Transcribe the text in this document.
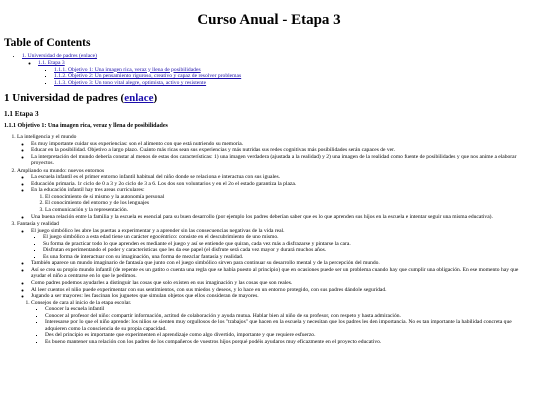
Curso Anual - Etapa 3
Table of Contents
• 1. Universidad de padres (enlace)
◦ 1.1. Etapa 3
▪ 1.1.1. Objetivo 1: Una imagen rica, veraz y llena de posibilidades
▪ 1.1.2. Objetivo 2: Un pensamiento riguroso, creativo y capaz de resolver problemas
▪ 1.1.3. Objetivo 3: Un tono vital alegre, optimista, activo y resistente
1 Universidad de padres (enlace)
1.1 Etapa 3
1.1.1 Objetivo 1: Una imagen rica, veraz y llena de posibilidades
1. La inteligencia y el mundo
◦ Es muy importante cuidar sus experiencias: son el alimento con que está nutriendo su memoria.
◦ Educar en la posibilidad. Objetivo a largo plazo. Cuánto más ricas sean sus experiencias y más nutridas sus redes cognitivas más posibilidades serán capaces de ver.
◦ La interpretación del mundo debería constar al menos de estas dos características: 1) una imagen verdadera (ajustada a la realidad) y 2) una imagen de la realidad como fuente de posibilidades y que nos anime a elaborar proyectos.
2. Ampliando su mundo: nuevos entornos
◦ La escuela infantil es el primer entorno infantil habitual del niño donde se relaciona e interactua con sus iguales.
◦ Educación primaria. 1r ciclo de 0 a 3 y 2o ciclo de 3 a 6. Los dos son voluntarios y en el 2o el estado garantiza la plaza.
◦ En la educación infantil hay tres areas curriculares:
1. El conocimiento de sí mismo y la autonomía personal
2. El conocimiento del entorno y de los lenguajes
3. La comunicación y la representación.
◦ Una buena relación entre la familia y la escuela es esencial para su buen desarrollo (por ejemplo los padres deberían saber que es lo que aprenden sus hijos en la escuela e intentar seguir una misma educativa).
3. Fantasía y realidad
◦ El juego simbólico les abre las puertas a experimentar y a aprender sin las consecuencias negativas de la vida real.
▪ El juego simbólico a esta edad tiene un carácter egocéntrico: consiste en el descubrimiento de uno mismo.
▪ Su forma de practicar todo lo que aprenden es mediante el juego y así se entiende que quiran, cada vez más a disfrazarse y pintarse la cara.
▪ Disfrutan experimentando el poder y caracteristicas que les da ese papel (el disfrute será cada vez mayor y durará muchos años.
▪ Es una forma de interactuar con su imaginación, una forma de mezclar fantasía y realidad.
◦ También aparece un mundo imaginario de fantasía que junto con el juego simbólico sirven para continuar su desarrollo mental y de la percepción del mundo.
◦ Así se crea su propio mundo infantil (de repente es un gatito o cuenta una regla que se había puesto al principio) que en ocasiones puede ser un problema cuando hay que cumplir una obligación. En ese momento hay que ayudar el niño a centrarse en lo que le pedimos.
◦ Como padres podemos ayudarles a distinguir las cosas que solo existen en sus imaginación y las cosas que son reales.
◦ Al leer cuentos el niño puede experimentar con sus sentimientos, con sus miedos y deseos, y lo hace en un entorno protegido, con sus padres dándole seguridad.
◦ Jugando a ser mayores: les fascinan los juguetes que simulan objetos que ellos consideran de mayores.
1. Consejos de cara al inicio de la etapa escolar.
▪ Conocer la escuela infantil
▪ Conocer al profesor del niño: compartir información, actitud de colaboración y ayuda mutua. Hablar bien al niño de su profesor, con respeto y hasta admiración.
▪ Interesarse por lo que el niño aprende: los niños se sienten muy orgullosos de los "trabajos" que hacen en la escuela y necesitan que los padres les den importancia. No es tan importante la habilidad concreta que adquieren como la consciencia de su propia capacidad.
▪ Des del principio es importante que experimenten el aprendizaje como algo divertido, importante y que requiere esfuerzo.
▪ Es bueno mantener una relación con los padres de los compañeros de vuestros hijos porqué podéis ayudaros muy eficazmente en el proyecto educativo.
